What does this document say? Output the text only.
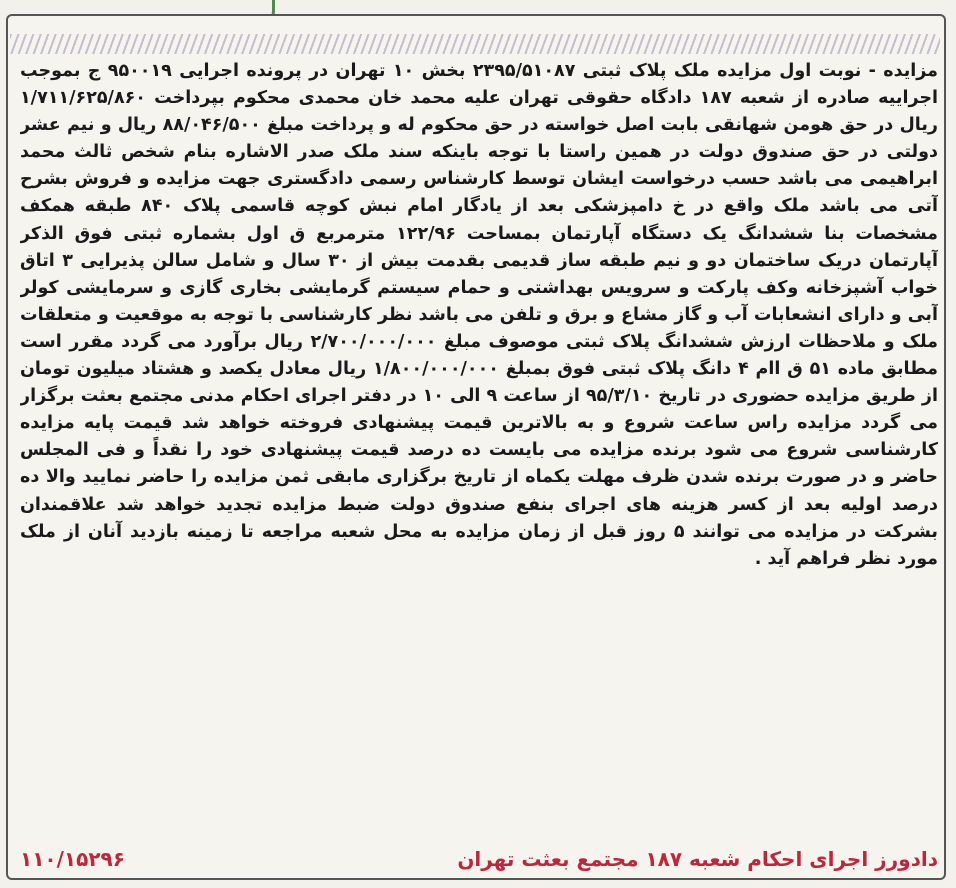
مزایده - نوبت اول مزایده ملک پلاک ثبتی ۲۳۹۵/۵۱۰۸۷ بخش ۱۰ تهران در پرونده اجرایی ۹۵۰۰۱۹ ج بموجب اجراییه صادره از شعبه ۱۸۷ دادگاه حقوقی تهران علیه محمد خان محمدی محکوم بپرداخت ۱/۷۱۱/۶۲۵/۸۶۰ ریال در حق هومن شهانقی بابت اصل خواسته در حق محکوم له و پرداخت مبلغ ۸۸/۰۴۶/۵۰۰ ریال و نیم عشر دولتی در حق صندوق دولت در همین راستا با توجه باینکه سند ملک صدر الاشاره بنام شخص ثالث محمد ابراهیمی می باشد حسب درخواست ایشان توسط کارشناس رسمی دادگستری جهت مزایده و فروش بشرح آتی می باشد ملک واقع در خ دامپزشکی بعد از یادگار امام نبش کوچه قاسمی پلاک ۸۴۰ طبقه همکف مشخصات بنا ششدانگ یک دستگاه آپارتمان بمساحت ۱۲۲/۹۶ مترمربع ق اول بشماره ثبتی فوق الذکر آپارتمان دریک ساختمان دو و نیم طبقه ساز قدیمی بقدمت بیش از ۳۰ سال و شامل سالن پذیرایی ۳ اتاق خواب آشپزخانه وکف پارکت و سرویس بهداشتی و حمام سیستم گرمایشی بخاری گازی و سرمایشی کولر آبی و دارای انشعابات آب و گاز مشاع و برق و تلفن می باشد نظر کارشناسی با توجه به موقعیت و متعلقات ملک و ملاحظات ارزش ششدانگ پلاک ثبتی موصوف مبلغ ۲/۷۰۰/۰۰۰/۰۰۰ ریال برآورد می گردد مقرر است مطابق ماده ۵۱ ق اام ۴ دانگ پلاک ثبتی فوق بمبلغ ۱/۸۰۰/۰۰۰/۰۰۰ ریال معادل یکصد و هشتاد میلیون تومان از طریق مزایده حضوری در تاریخ ۹۵/۳/۱۰ از ساعت ۹ الی ۱۰ در دفتر اجرای احکام مدنی مجتمع بعثت برگزار می گردد مزایده راس ساعت شروع و به بالاترین قیمت پیشنهادی فروخته خواهد شد قیمت پایه مزایده کارشناسی شروع می شود برنده مزایده می بایست ده درصد قیمت پیشنهادی خود را نقداً و فی المجلس حاضر و در صورت برنده شدن ظرف مهلت یکماه از تاریخ برگزاری مابقی ثمن مزایده را حاضر نمایید والا ده درصد اولیه بعد از کسر هزینه های اجرای بنفع صندوق دولت ضبط مزایده تجدید خواهد شد علاقمندان بشرکت در مزایده می توانند ۵ روز قبل از زمان مزایده به محل شعبه مراجعه تا زمینه بازدید آنان از ملک مورد نظر فراهم آید .
دادورز اجرای احکام شعبه ۱۸۷ مجتمع بعثت تهران
۱۱۰/۱۵۲۹۶
